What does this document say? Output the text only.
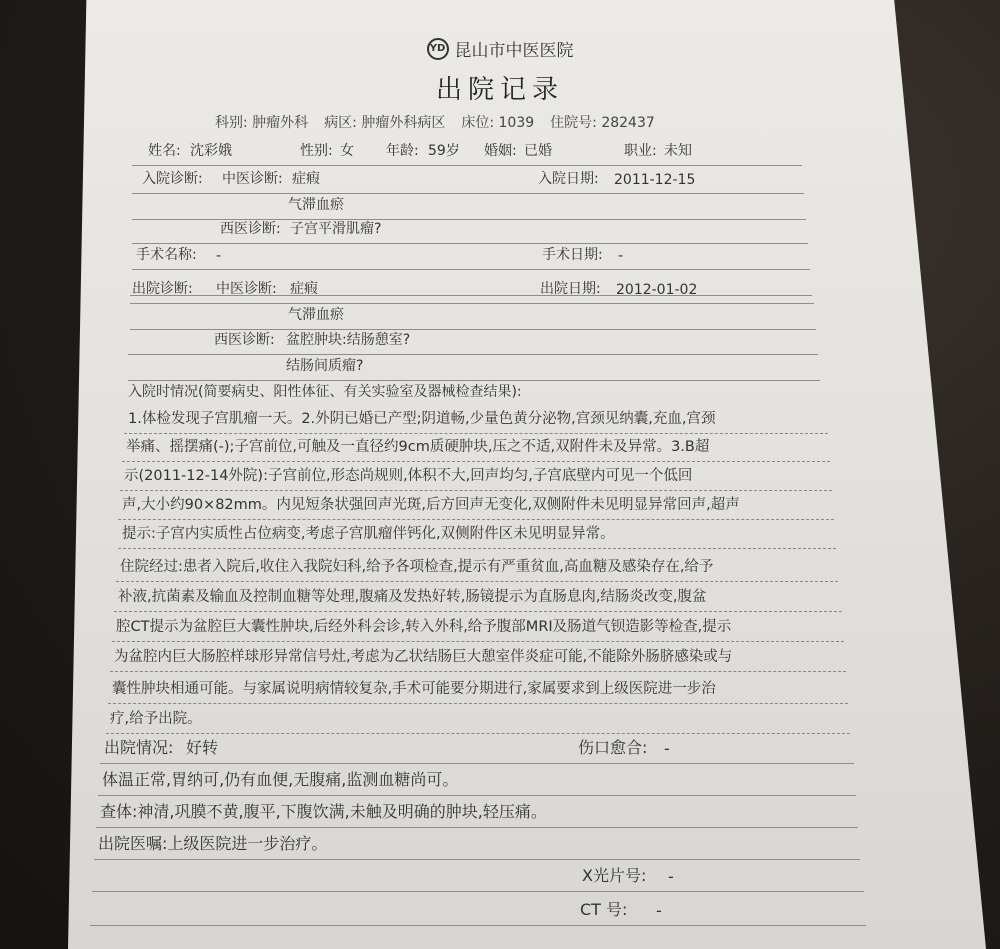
YD 昆山市中医医院
出院记录
科别: 肿瘤外科 病区: 肿瘤外科病区 床位: 1039 住院号: 282437
姓名: 沈彩娥	性别: 女 年龄: 59岁 婚姻: 已婚	职业: 未知
入院诊断: 中医诊断: 症瘕	入院日期: 2011-12-15
气滞血瘀
西医诊断: 子宫平滑肌瘤?
手术名称: -	手术日期: -
出院诊断: 中医诊断: 症瘕	出院日期: 2012-01-02
气滞血瘀
西医诊断: 盆腔肿块:结肠憩室?
结肠间质瘤?
入院时情况(简要病史、阳性体征、有关实验室及器械检查结果):
1.体检发现子宫肌瘤一天。2.外阴已婚已产型;阴道畅,少量色黄分泌物,宫颈见纳囊,充血,宫颈
举痛、摇摆痛(-);子宫前位,可触及一直径约9cm质硬肿块,压之不适,双附件未及异常。3.B超
示(2011-12-14外院):子宫前位,形态尚规则,体积不大,回声均匀,子宫底壁内可见一个低回
声,大小约90×82mm。内见短条状强回声光斑,后方回声无变化,双侧附件未见明显异常回声,超声
提示:子宫内实质性占位病变,考虑子宫肌瘤伴钙化,双侧附件区未见明显异常。
住院经过:患者入院后,收住入我院妇科,给予各项检查,提示有严重贫血,高血糖及感染存在,给予
补液,抗菌素及输血及控制血糖等处理,腹痛及发热好转,肠镜提示为直肠息肉,结肠炎改变,腹盆
腔CT提示为盆腔巨大囊性肿块,后经外科会诊,转入外科,给予腹部MRI及肠道气钡造影等检查,提示
为盆腔内巨大肠腔样球形异常信号灶,考虑为乙状结肠巨大憩室伴炎症可能,不能除外肠脐感染或与
囊性肿块相通可能。与家属说明病情较复杂,手术可能要分期进行,家属要求到上级医院进一步治
疗,给予出院。
出院情况: 好转	伤口愈合: -
体温正常,胃纳可,仍有血便,无腹痛,监测血糖尚可。
查体:神清,巩膜不黄,腹平,下腹饮满,未触及明确的肿块,轻压痛。
出院医嘱:上级医院进一步治疗。
X光片号: -
CT 号: -
